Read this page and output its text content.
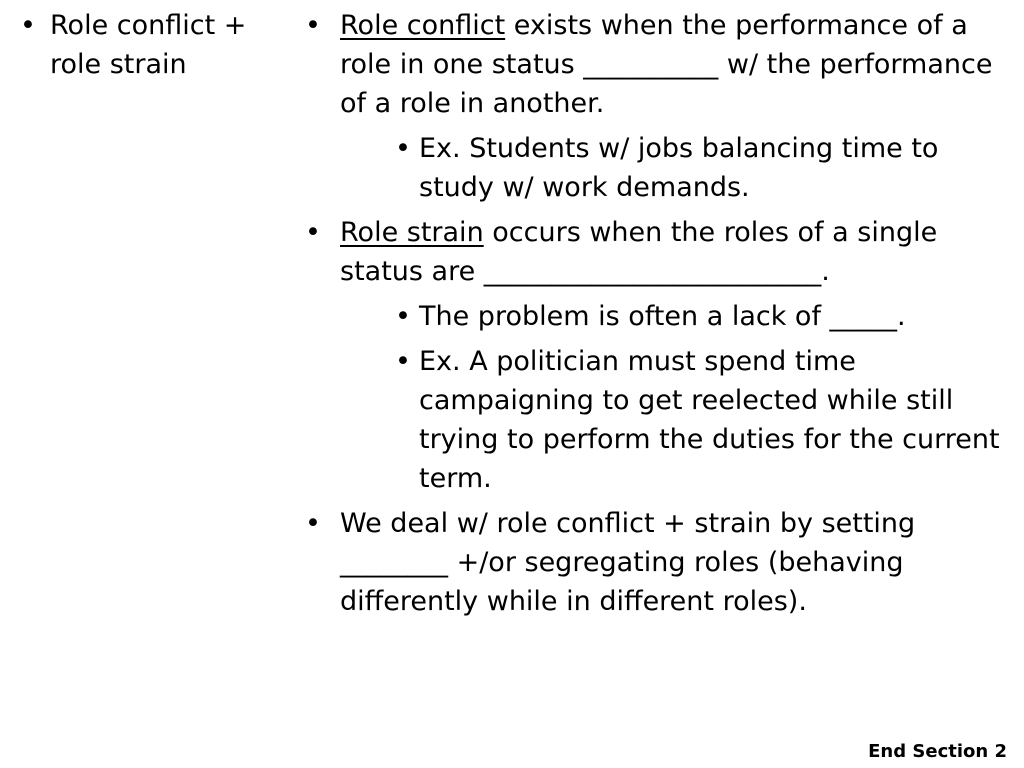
• Role conflict + role strain
• Role conflict exists when the performance of a role in one status __________ w/ the performance of a role in another.
• Ex. Students w/ jobs balancing time to study w/ work demands.
• Role strain occurs when the roles of a single status are _________________________.
• The problem is often a lack of _____.
• Ex. A politician must spend time campaigning to get reelected while still trying to perform the duties for the current term.
• We deal w/ role conflict + strain by setting ________ +/or segregating roles (behaving differently while in different roles).
End Section 2
